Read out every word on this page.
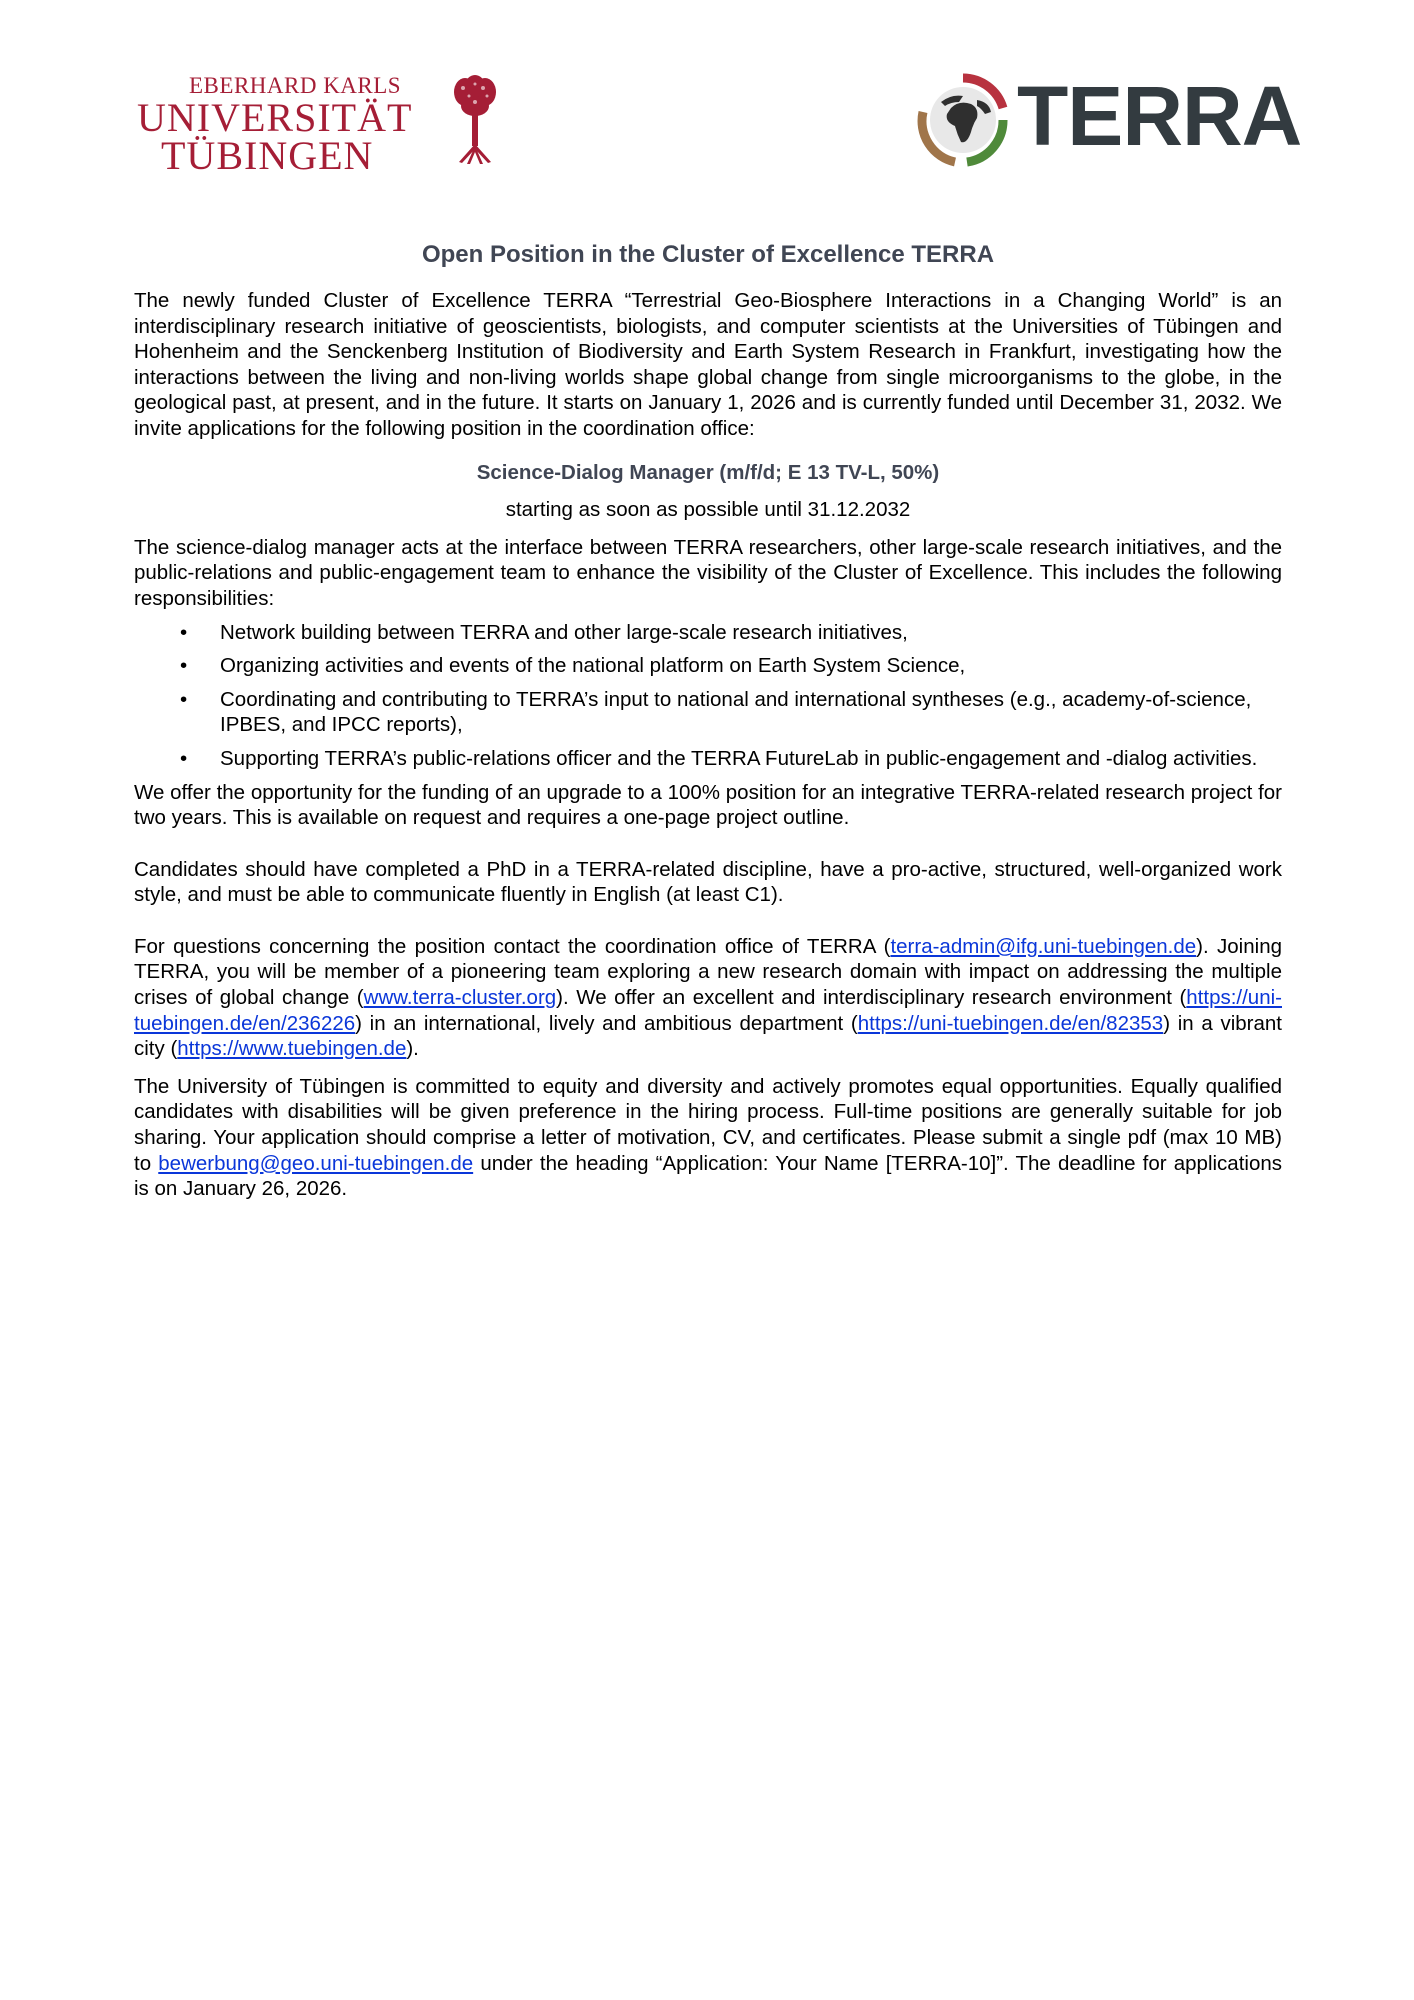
EBERHARD KARLS
UNIVERSITÄT
TÜBINGEN	TERRA
Open Position in the Cluster of Excellence TERRA

The newly funded Cluster of Excellence TERRA “Terrestrial Geo-Biosphere Interactions in a Changing World” is an interdisciplinary research initiative of geoscientists, biologists, and computer scientists at the Universities of Tübingen and Hohenheim and the Senckenberg Institution of Biodiversity and Earth System Research in Frankfurt, investigating how the interactions between the living and non-living worlds shape global change from single microorganisms to the globe, in the geological past, at present, and in the future. It starts on January 1, 2026 and is currently funded until December 31, 2032. We invite applications for the following position in the coordination office:

Science-Dialog Manager (m/f/d; E 13 TV-L, 50%)
starting as soon as possible until 31.12.2032

The science-dialog manager acts at the interface between TERRA researchers, other large-scale research initiatives, and the public-relations and public-engagement team to enhance the visibility of the Cluster of Excellence. This includes the following responsibilities:

• Network building between TERRA and other large-scale research initiatives,
• Organizing activities and events of the national platform on Earth System Science,
• Coordinating and contributing to TERRA’s input to national and international syntheses (e.g., academy-of-science, IPBES, and IPCC reports),
• Supporting TERRA’s public-relations officer and the TERRA FutureLab in public-engagement and -dialog activities.

We offer the opportunity for the funding of an upgrade to a 100% position for an integrative TERRA-related research project for two years. This is available on request and requires a one-page project outline.

Candidates should have completed a PhD in a TERRA-related discipline, have a pro-active, structured, well-organized work style, and must be able to communicate fluently in English (at least C1).

For questions concerning the position contact the coordination office of TERRA (terra-admin@ifg.uni-tuebingen.de). Joining TERRA, you will be member of a pioneering team exploring a new research domain with impact on addressing the multiple crises of global change (www.terra-cluster.org). We offer an excellent and interdisciplinary research environment (https://uni-tuebingen.de/en/236226) in an international, lively and ambitious department (https://uni-tuebingen.de/en/82353) in a vibrant city (https://www.tuebingen.de).

The University of Tübingen is committed to equity and diversity and actively promotes equal opportunities. Equally qualified candidates with disabilities will be given preference in the hiring process. Full-time positions are generally suitable for job sharing. Your application should comprise a letter of motivation, CV, and certificates. Please submit a single pdf (max 10 MB) to bewerbung@geo.uni-tuebingen.de under the heading “Application: Your Name [TERRA-10]”. The deadline for applications is on January 26, 2026.
